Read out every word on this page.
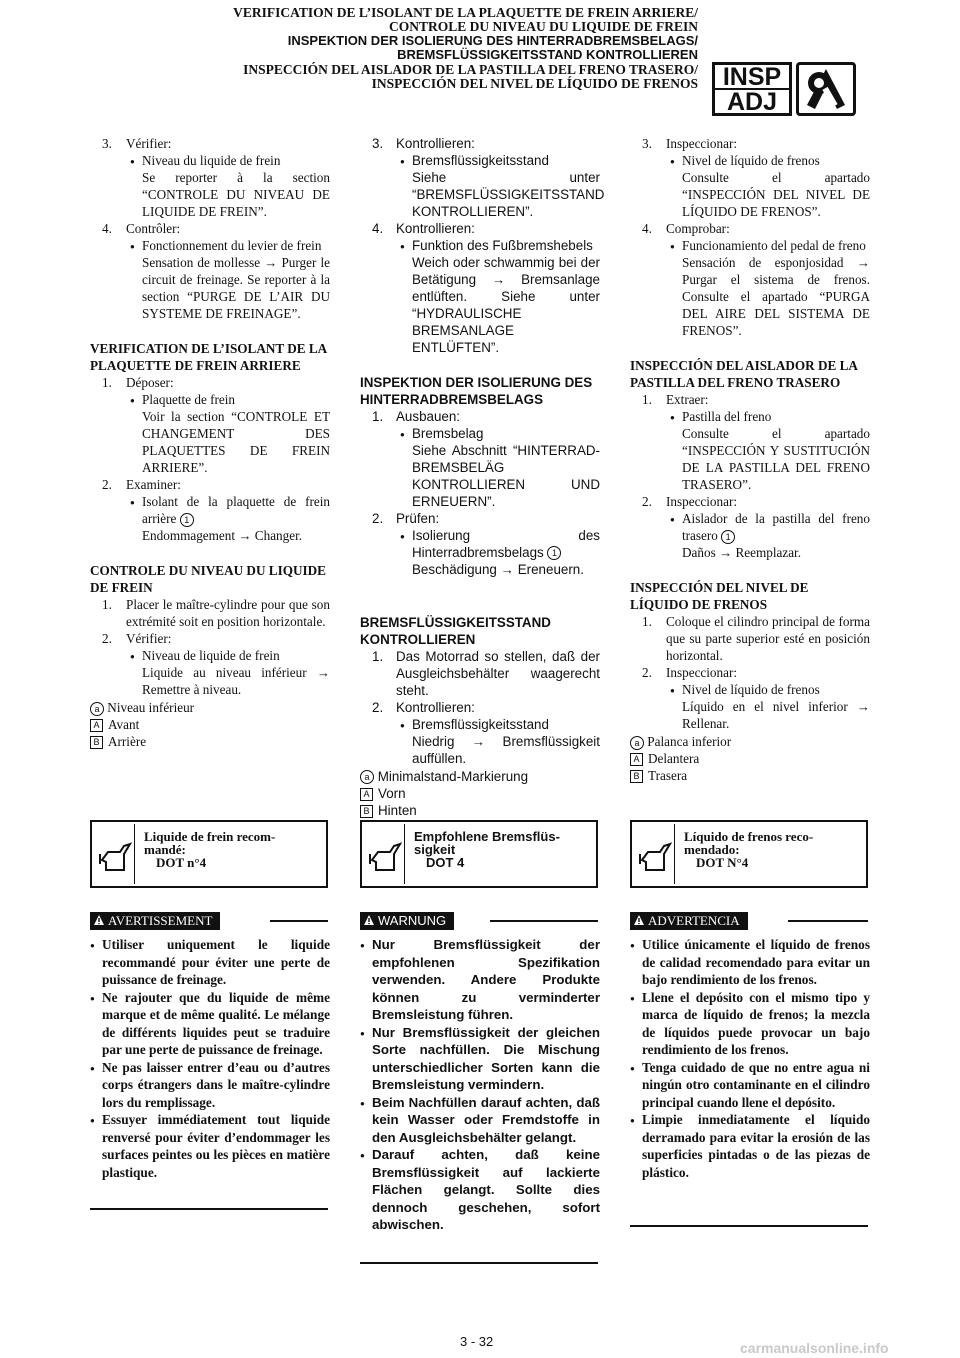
VERIFICATION DE L’ISOLANT DE LA PLAQUETTE DE FREIN ARRIERE/
CONTROLE DU NIVEAU DU LIQUIDE DE FREIN
INSPEKTION DER ISOLIERUNG DES HINTERRADBREMSBELAGS/
BREMSFLÜSSIGKEITSSTAND KONTROLLIEREN
INSPECCIÓN DEL AISLADOR DE LA PASTILLA DEL FRENO TRASERO/
INSPECCIÓN DEL NIVEL DE LÍQUIDO DE FRENOS INSP
ADJ
3.	Vérifier:
● Niveau du liquide de frein
Se reporter à la section “CONTROLE DU NIVEAU DE LIQUIDE DE FREIN”.
4.	Contrôler:
● Fonctionnement du levier de frein
Sensation de mollesse → Purger le circuit de freinage. Se reporter à la section “PURGE DE L’AIR DU SYSTEME DE FREINAGE”.
VERIFICATION DE L’ISOLANT DE LA PLAQUETTE DE FREIN ARRIERE
1.	Déposer:
● Plaquette de frein
Voir la section “CONTROLE ET CHANGEMENT DES PLAQUETTES DE FREIN ARRIERE”.
2.	Examiner:
● Isolant de la plaquette de frein arrière 1
Endommagement → Changer.
CONTROLE DU NIVEAU DU LIQUIDE DE FREIN
1.	Placer le maître-cylindre pour que son extrémité soit en position horizontale.
2.	Vérifier:
● Niveau de liquide de frein
Liquide au niveau inférieur → Remettre à niveau.
a Niveau inférieur
A Avant
B Arrière
3. Kontrollieren:
● Bremsflüssigkeitsstand
Siehe unter “BREMSFLÜSSIGKEITSSTAND KONTROLLIEREN”.
4. Kontrollieren:
● Funktion des Fußbremshebels
Weich oder schwammig bei der Betätigung → Bremsanlage entlüften. Siehe unter “HYDRAULISCHE BREMSANLAGE ENTLÜFTEN”.
INSPEKTION DER ISOLIERUNG DES HINTERRADBREMSBELAGS
1. Ausbauen:
● Bremsbelag
Siehe Abschnitt “HINTERRAD-BREMSBELÄG KONTROLLIEREN UND ERNEUERN”.
2. Prüfen:
● Isolierung des Hinterradbremsbelags 1
Beschädigung → Ereneuern.
BREMSFLÜSSIGKEITSSTAND KONTROLLIEREN
1. Das Motorrad so stellen, daß der Ausgleichsbehälter waagerecht steht.
2. Kontrollieren:
● Bremsflüssigkeitsstand
Niedrig → Bremsflüssigkeit auffüllen.
a Minimalstand-Markierung
A Vorn
B Hinten
3.	Inspeccionar:
● Nivel de líquido de frenos
Consulte el apartado “INSPECCIÓN DEL NIVEL DE LÍQUIDO DE FRENOS”.
4.	Comprobar:
● Funcionamiento del pedal de freno
Sensación de esponjosidad → Purgar el sistema de frenos. Consulte el apartado “PURGA DEL AIRE DEL SISTEMA DE FRENOS”.
INSPECCIÓN DEL AISLADOR DE LA PASTILLA DEL FRENO TRASERO
1.	Extraer:
● Pastilla del freno
Consulte el apartado “INSPECCIÓN Y SUSTITUCIÓN DE LA PASTILLA DEL FRENO TRASERO”.
2.	Inspeccionar:
● Aislador de la pastilla del freno trasero 1
Daños → Reemplazar.
INSPECCIÓN DEL NIVEL DE LÍQUIDO DE FRENOS
1.	Coloque el cilindro principal de forma que su parte superior esté en posición horizontal.
2.	Inspeccionar:
● Nivel de líquido de frenos
Líquido en el nivel inferior → Rellenar.
a Palanca inferior
A Delantera
B Trasera
Liquide de frein recom-
mandé:
DOT n°4
Empfohlene Bremsflüs-
sigkeit
DOT 4
Líquido de frenos reco-
mendado:
DOT N°4
AVERTISSEMENT
● Utiliser uniquement le liquide recommandé pour éviter une perte de puissance de freinage.
● Ne rajouter que du liquide de même marque et de même qualité. Le mélange de différents liquides peut se traduire par une perte de puissance de freinage.
● Ne pas laisser entrer d’eau ou d’autres corps étrangers dans le maître-cylindre lors du remplissage.
● Essuyer immédiatement tout liquide renversé pour éviter d’endommager les surfaces peintes ou les pièces en matière plastique.
WARNUNG
● Nur Bremsflüssigkeit der empfohlenen Spezifikation verwenden. Andere Produkte können zu verminderter Bremsleistung führen.
● Nur Bremsflüssigkeit der gleichen Sorte nachfüllen. Die Mischung unterschiedlicher Sorten kann die Bremsleistung vermindern.
● Beim Nachfüllen darauf achten, daß kein Wasser oder Fremdstoffe in den Ausgleichsbehälter gelangt.
● Darauf achten, daß keine Bremsflüssigkeit auf lackierte Flächen gelangt. Sollte dies dennoch geschehen, sofort abwischen.
ADVERTENCIA
● Utilice únicamente el líquido de frenos de calidad recomendado para evitar un bajo rendimiento de los frenos.
● Llene el depósito con el mismo tipo y marca de líquido de frenos; la mezcla de líquidos puede provocar un bajo rendimiento de los frenos.
● Tenga cuidado de que no entre agua ni ningún otro contaminante en el cilindro principal cuando llene el depósito.
● Limpie inmediatamente el líquido derramado para evitar la erosión de las superficies pintadas o de las piezas de plástico.
3 - 32	carmanualsonline.info
